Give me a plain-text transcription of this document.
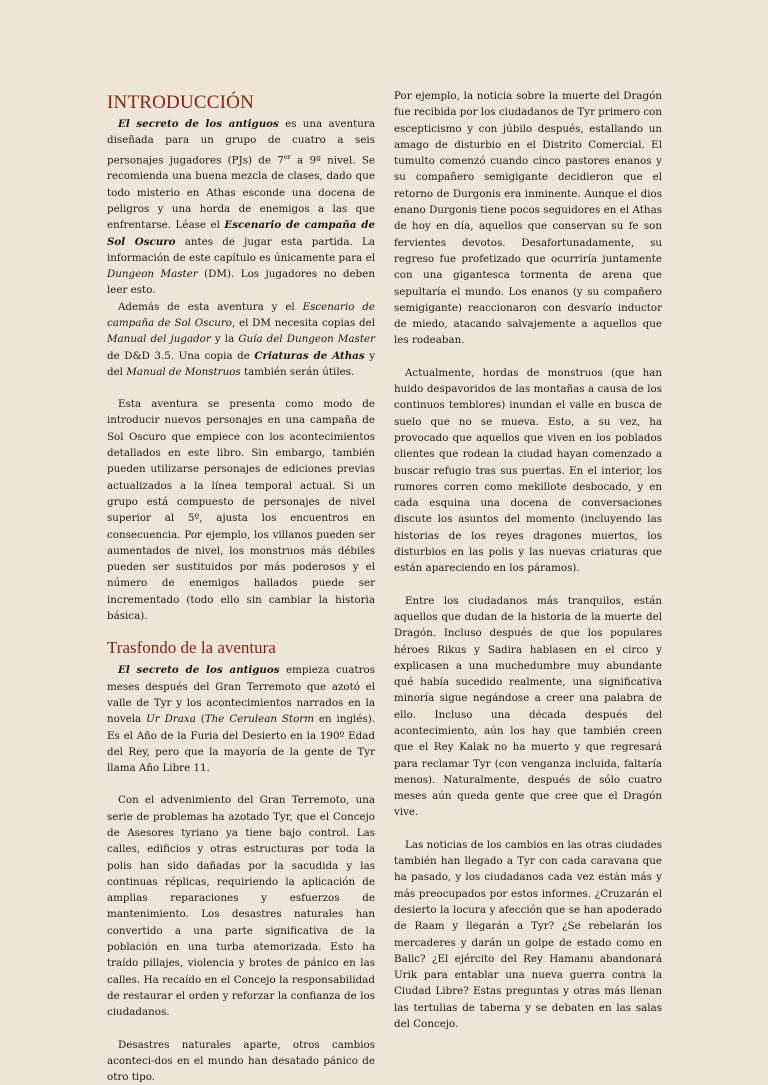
INTRODUCCIÓN

El secreto de los antiguos es una aventura diseñada para un grupo de cuatro a seis personajes jugadores (PJs) de 7er a 9º nivel. Se recomienda una buena mezcla de clases, dado que todo misterio en Athas esconde una docena de peligros y una horda de enemigos a las que enfrentarse. Léase el Escenario de campaña de Sol Oscuro antes de jugar esta partida. La información de este capítulo es únicamente para el Dungeon Master (DM). Los jugadores no deben leer esto.

Además de esta aventura y el Escenario de campaña de Sol Oscuro, el DM necesita copias del Manual del jugador y la Guía del Dungeon Master de D&D 3.5. Una copia de Criaturas de Athas y del Manual de Monstruos también serán útiles.

Esta aventura se presenta como modo de introducir nuevos personajes en una campaña de Sol Oscuro que empiece con los acontecimientos detallados en este libro. Sin embargo, también pueden utilizarse personajes de ediciones previas actualizados a la línea temporal actual. Si un grupo está compuesto de personajes de nivel superior al 5º, ajusta los encuentros en consecuencia. Por ejemplo, los villanos pueden ser aumentados de nivel, los monstruos más débiles pueden ser sustituidos por más poderosos y el número de enemigos hallados puede ser incrementado (todo ello sin cambiar la historia básica).

Trasfondo de la aventura

El secreto de los antiguos empieza cuatros meses después del Gran Terremoto que azotó el valle de Tyr y los acontecimientos narrados en la novela Ur Draxa (The Cerulean Storm en inglés). Es el Año de la Furia del Desierto en la 190º Edad del Rey, pero que la mayoría de la gente de Tyr llama Año Libre 11.

Con el advenimiento del Gran Terremoto, una serie de problemas ha azotado Tyr, que el Concejo de Asesores tyriano ya tiene bajo control. Las calles, edificios y otras estructuras por toda la polis han sido dañadas por la sacudida y las continuas réplicas, requiriendo la aplicación de amplias reparaciones y esfuerzos de mantenimiento. Los desastres naturales han convertido a una parte significativa de la población en una turba atemorizada. Esto ha traído pillajes, violencia y brotes de pánico en las calles. Ha recaído en el Concejo la responsabilidad de restaurar el orden y reforzar la confianza de los ciudadanos.

Desastres naturales aparte, otros cambios aconteci-dos en el mundo han desatado pánico de otro tipo.

Por ejemplo, la noticia sobre la muerte del Dragón fue recibida por los ciudadanos de Tyr primero con escepticismo y con júbilo después, estallando un amago de disturbio en el Distrito Comercial. El tumulto comenzó cuando cinco pastores enanos y su compañero semigigante decidieron que el retorno de Durgonis era inminente. Aunque el dios enano Durgonis tiene pocos seguidores en el Athas de hoy en día, aquellos que conservan su fe son fervientes devotos. Desafortunadamente, su regreso fue profetizado que ocurriría juntamente con una gigantesca tormenta de arena que sepultaría el mundo. Los enanos (y su compañero semigigante) reaccionaron con desvarío inductor de miedo, atacando salvajemente a aquellos que les rodeaban.

Actualmente, hordas de monstruos (que han huido despavoridos de las montañas a causa de los continuos temblores) inundan el valle en busca de suelo que no se mueva. Esto, a su vez, ha provocado que aquellos que viven en los poblados clientes que rodean la ciudad hayan comenzado a buscar refugio tras sus puertas. En el interior, los rumores corren como mekillote desbocado, y en cada esquina una docena de conversaciones discute los asuntos del momento (incluyendo las historias de los reyes dragones muertos, los disturbios en las polis y las nuevas criaturas que están apareciendo en los páramos).

Entre los ciudadanos más tranquilos, están aquellos que dudan de la historia de la muerte del Dragón. Incluso después de que los populares héroes Rikus y Sadira hablasen en el circo y explicasen a una muchedumbre muy abundante qué había sucedido realmente, una significativa minoría sigue negándose a creer una palabra de ello. Incluso una década después del acontecimiento, aún los hay que también creen que el Rey Kalak no ha muerto y que regresará para reclamar Tyr (con venganza incluida, faltaría menos). Naturalmente, después de sólo cuatro meses aún queda gente que cree que el Dragón vive.

Las noticias de los cambios en las otras ciudades también han llegado a Tyr con cada caravana que ha pasado, y los ciudadanos cada vez están más y más preocupados por estos informes. ¿Cruzarán el desierto la locura y afección que se han apoderado de Raam y llegarán a Tyr? ¿Se rebelarán los mercaderes y darán un golpe de estado como en Balic? ¿El ejército del Rey Hamanu abandonará Urik para entablar una nueva guerra contra la Ciudad Libre? Estas preguntas y otras más llenan las tertulias de taberna y se debaten en las salas del Concejo.
